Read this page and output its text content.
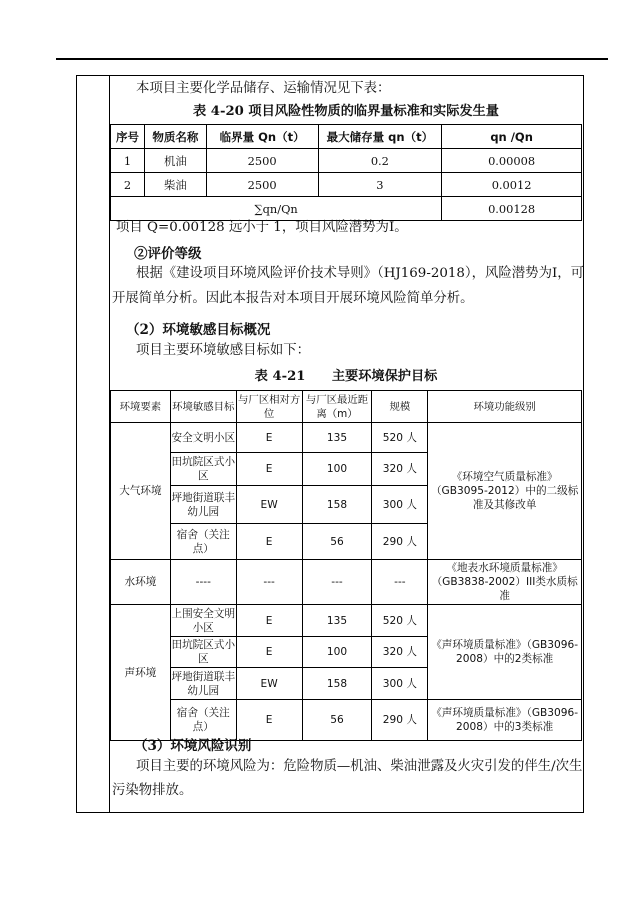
本项目主要化学品储存、运输情况见下表：
表 4-20 项目风险性物质的临界量标准和实际发生量
序号	物质名称	临界量 Qn（t）	最大储存量 qn（t）	qn /Qn
1	机油	2500	0.2	0.00008
2	柴油	2500	3	0.0012
∑qn/Qn				0.00128
项目 Q=0.00128 远小于 1，项目风险潜势为Ⅰ。
②评价等级
根据《建设项目环境风险评价技术导则》（HJ169-2018），风险潜势为Ⅰ，可
开展简单分析。因此本报告对本项目开展环境风险简单分析。
（2）环境敏感目标概况
项目主要环境敏感目标如下：
表 4-21　　主要环境保护目标
环境要素	环境敏感目标	与厂区相对方位	与厂区最近距离（m）	规模	环境功能级别
大气环境	安全文明小区	E	135	520 人	《环境空气质量标准》（GB3095-2012）中的二级标准及其修改单
	田坑院区式小区	E	100	320 人	
	坪地街道联丰幼儿园	EW	158	300 人	
	宿舍（关注点）	E	56	290 人	
水环境	----	---	---	---	《地表水环境质量标准》（GB3838-2002）III类水质标准
声环境	上围安全文明小区	E	135	520 人	《声环境质量标准》（GB3096-2008）中的2类标准
	田坑院区式小区	E	100	320 人	
	坪地街道联丰幼儿园	EW	158	300 人	
	宿舍（关注点）	E	56	290 人	《声环境质量标准》（GB3096-2008）中的3类标准
（3）环境风险识别
项目主要的环境风险为：危险物质—机油、柴油泄露及火灾引发的伴生/次生
污染物排放。
